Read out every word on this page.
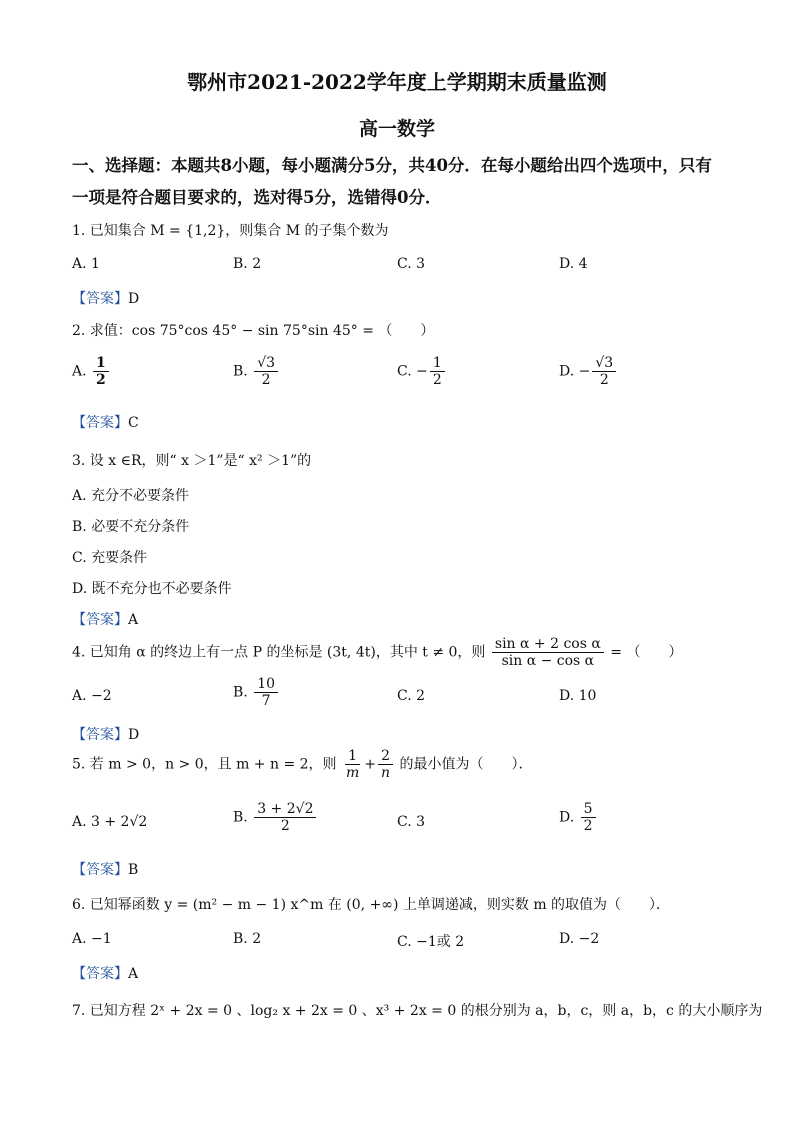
鄂州市2021-2022学年度上学期期末质量监测
高一数学
一、选择题：本题共8小题，每小题满分5分，共40分．在每小题给出四个选项中，只有
一项是符合题目要求的，选对得5分，选错得0分．
1. 已知集合 M = {1,2}，则集合 M 的子集个数为
A. 1	B. 2	C. 3	D. 4
【答案】D
2. 求值：cos 75°cos 45° − sin 75°sin 45° = （　　）
A. $\frac{1}{2}$	B. $\frac{√3}{2}$	C. − $\frac{1}{2}$	D. − $\frac{√3}{2}$
【答案】C
3. 设 x ∈R，则“ x ＞1”是“ x² ＞1”的
A. 充分不必要条件
B. 必要不充分条件
C. 充要条件
D. 既不充分也不必要条件
【答案】A
4. 已知角 α 的终边上有一点 P 的坐标是 (3t, 4t)，其中 t ≠ 0，则 $\frac{\text{sin α + 2 cos α}}{\text{sin α − cos α}}$ = （　　）
A. −2	B. $\frac{10}{7}$	C. 2	D. 10
【答案】D
5. 若 m > 0，n > 0，且 m + n = 2，则 $\frac{1}{m} + \frac{2}{n}$ 的最小值为（　　）．
A. 3 + 2√2	B. $\frac{3 + 2√2}{2}$	C. 3	D. $\frac{5}{2}$
【答案】B
6. 已知幂函数 y = (m² − m − 1) x^m 在 (0, +∞) 上单调递减，则实数 m 的取值为（　　）．
A. −1	B. 2	C. −1或 2	D. −2
【答案】A
7. 已知方程 2ˣ + 2x = 0 、log₂ x + 2x = 0 、x³ + 2x = 0 的根分别为 a，b，c，则 a，b，c 的大小顺序为
